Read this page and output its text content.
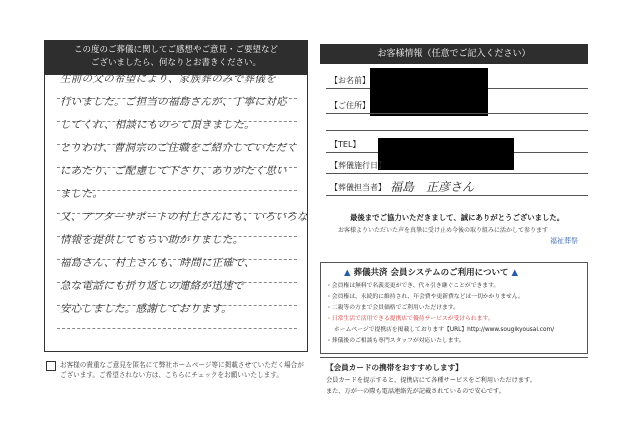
この度のご葬儀に関してご感想やご意見・ご要望など
ございましたら、何なりとお書きください。
生前の父の希望により、家族葬のみで葬儀を
行いました。ご担当の福島さんが、丁寧に対応
してくれ、相談にものって頂きました。
とりわけ、曹洞宗のご住職をご紹介していただく
にあたり、ご配慮して下さり、ありがたく思い
ました。
又、アフターサポートの村上さんにも、いろいろな
情報を提供してもらい助かりました。
福島さん、村上さんも、時間に正確で、
急な電話にも折り返しの連絡が迅速で
安心しました。感謝しております。
お客様の貴重なご意見を匿名にて弊社ホームページ等に掲載させていただく場合が
ございます。ご希望されない方は、こちらにチェックをお願いいたします。
お客様情報（任意でご記入ください）
【お名前】
【ご住所】
【TEL】
【葬儀施行日】
【葬儀担当者】 福島　正彦さん
最後までご協力いただきまして、誠にありがとうございました。
お客様よりいただいた声を真摯に受け止め今後の取り組みに活かして参ります
福祉葬祭
▲ 葬儀共済 会員システムのご利用について ▲
・会員権は無料で名義変更ができ、代々引き継ぐことができます。
・会員権は、永続的に維持され、年会費や更新費などは一切かかりません。
・二親等の方まで会員価格でご利用いただけます。
・日常生活で活用できる提携店で優待サービスが受けられます。
ホームページで提携店を掲載しております【URL】http://www.sougikyousai.com/
・葬儀後のご相談も専門スタッフが対応いたします。
【会員カードの携帯をおすすめします】
会員カードを提示すると、提携店にて各種サービスをご利用いただけます。
また、万が一の際も電話連絡先が記載されているので安心です。
